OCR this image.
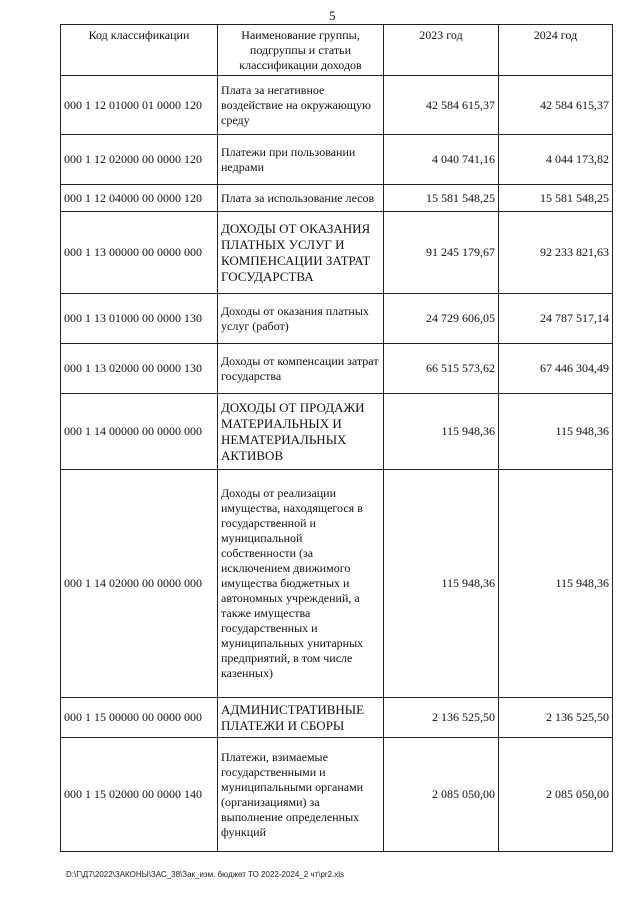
5
Код классификации	Наименование группы, подгруппы и статьи классификации доходов	2023 год	2024 год
000 1 12 01000 01 0000 120	Плата за негативное воздействие на окружающую среду	42 584 615,37	42 584 615,37
000 1 12 02000 00 0000 120	Платежи при пользовании недрами	4 040 741,16	4 044 173,82
000 1 12 04000 00 0000 120	Плата за использование лесов	15 581 548,25	15 581 548,25
000 1 13 00000 00 0000 000	ДОХОДЫ ОТ ОКАЗАНИЯ ПЛАТНЫХ УСЛУГ И КОМПЕНСАЦИИ ЗАТРАТ ГОСУДАРСТВА	91 245 179,67	92 233 821,63
000 1 13 01000 00 0000 130	Доходы от оказания платных услуг (работ)	24 729 606,05	24 787 517,14
000 1 13 02000 00 0000 130	Доходы от компенсации затрат государства	66 515 573,62	67 446 304,49
000 1 14 00000 00 0000 000	ДОХОДЫ ОТ ПРОДАЖИ МАТЕРИАЛЬНЫХ И НЕМАТЕРИАЛЬНЫХ АКТИВОВ	115 948,36	115 948,36
000 1 14 02000 00 0000 000	Доходы от реализации имущества, находящегося в государственной и муниципальной собственности (за исключением движимого имущества бюджетных и автономных учреждений, а также имущества государственных и муниципальных унитарных предприятий, в том числе казенных)	115 948,36	115 948,36
000 1 15 00000 00 0000 000	АДМИНИСТРАТИВНЫЕ ПЛАТЕЖИ И СБОРЫ	2 136 525,50	2 136 525,50
000 1 15 02000 00 0000 140	Платежи, взимаемые государственными и муниципальными органами (организациями) за выполнение определенных функций	2 085 050,00	2 085 050,00
D:\Г\Д7\2022\ЗАКОНЫ\ЗАС_38\Зак_изм. бюджет ТО 2022-2024_2 чт\pr2.xls
